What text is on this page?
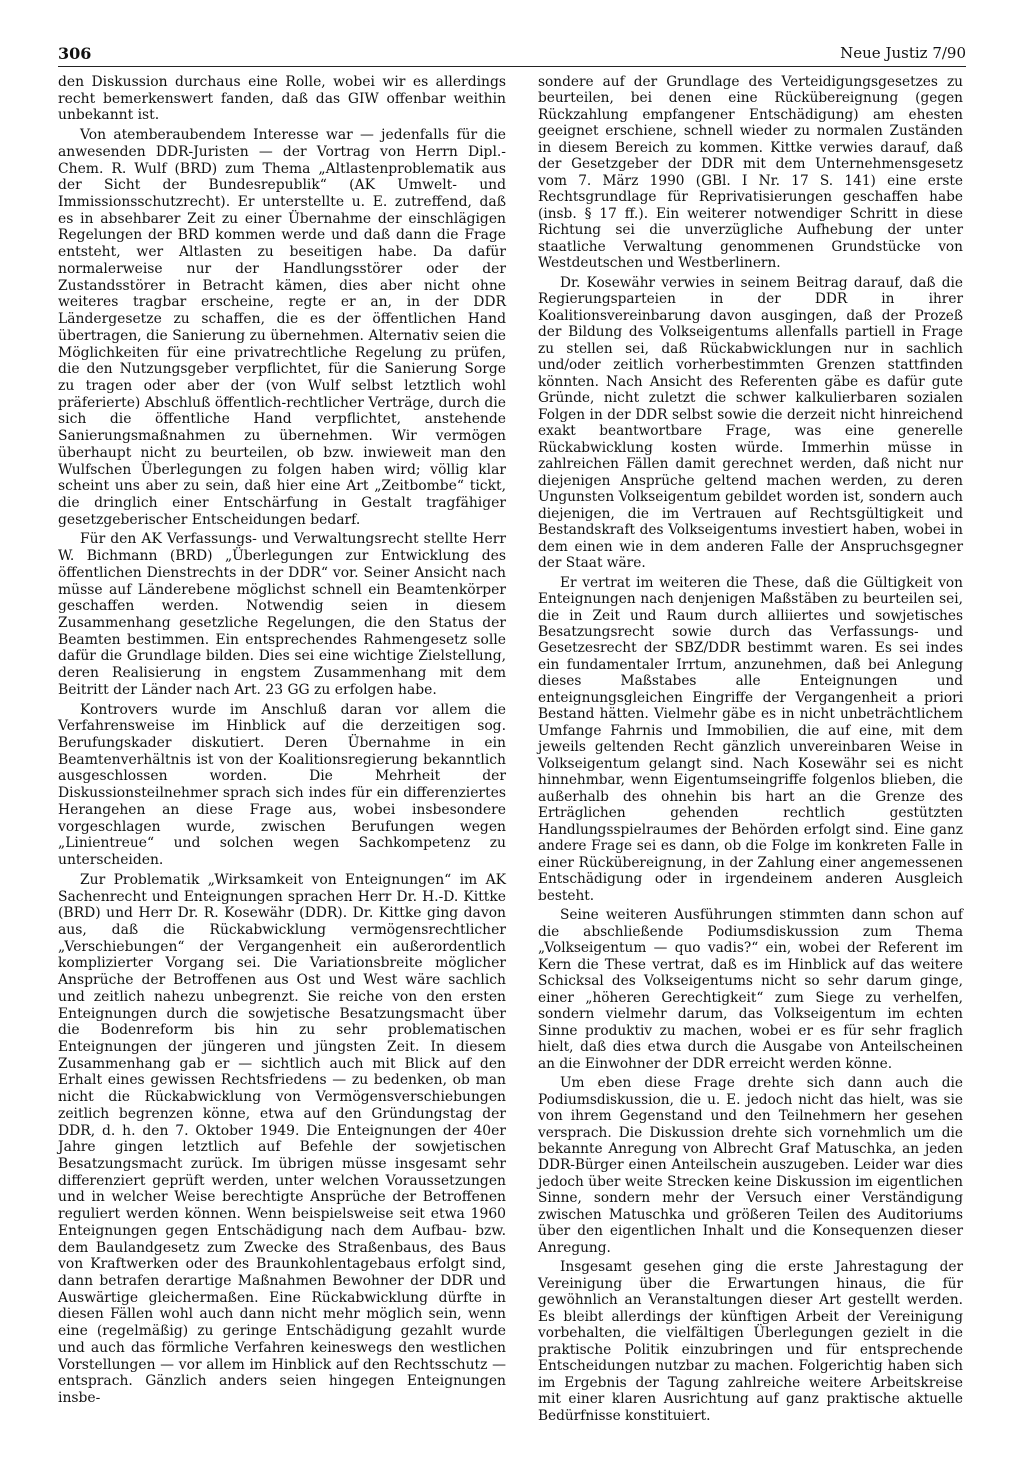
306	Neue Justiz 7/90

den Diskussion durchaus eine Rolle, wobei wir es allerdings recht bemerkenswert fanden, daß das GIW offenbar weithin unbekannt ist.

Von atemberaubendem Interesse war — jedenfalls für die anwesenden DDR-Juristen — der Vortrag von Herrn Dipl.-Chem. R. Wulf (BRD) zum Thema „Altlastenproblematik aus der Sicht der Bundesrepublik“ (AK Umwelt- und Immissionsschutzrecht). Er unterstellte u. E. zutreffend, daß es in absehbarer Zeit zu einer Übernahme der einschlägigen Regelungen der BRD kommen werde und daß dann die Frage entsteht, wer Altlasten zu beseitigen habe. Da dafür normalerweise nur der Handlungsstörer oder der Zustandsstörer in Betracht kämen, dies aber nicht ohne weiteres tragbar erscheine, regte er an, in der DDR Ländergesetze zu schaffen, die es der öffentlichen Hand übertragen, die Sanierung zu übernehmen. Alternativ seien die Möglichkeiten für eine privatrechtliche Regelung zu prüfen, die den Nutzungsgeber verpflichtet, für die Sanierung Sorge zu tragen oder aber der (von Wulf selbst letztlich wohl präferierte) Abschluß öffentlich-rechtlicher Verträge, durch die sich die öffentliche Hand verpflichtet, anstehende Sanierungsmaßnahmen zu übernehmen. Wir vermögen überhaupt nicht zu beurteilen, ob bzw. inwieweit man den Wulfschen Überlegungen zu folgen haben wird; völlig klar scheint uns aber zu sein, daß hier eine Art „Zeitbombe“ tickt, die dringlich einer Entschärfung in Gestalt tragfähiger gesetzgeberischer Entscheidungen bedarf.

Für den AK Verfassungs- und Verwaltungsrecht stellte Herr W. Bichmann (BRD) „Überlegungen zur Entwicklung des öffentlichen Dienstrechts in der DDR“ vor. Seiner Ansicht nach müsse auf Länderebene möglichst schnell ein Beamtenkörper geschaffen werden. Notwendig seien in diesem Zusammenhang gesetzliche Regelungen, die den Status der Beamten bestimmen. Ein entsprechendes Rahmengesetz solle dafür die Grundlage bilden. Dies sei eine wichtige Zielstellung, deren Realisierung in engstem Zusammenhang mit dem Beitritt der Länder nach Art. 23 GG zu erfolgen habe.

Kontrovers wurde im Anschluß daran vor allem die Verfahrensweise im Hinblick auf die derzeitigen sog. Berufungskader diskutiert. Deren Übernahme in ein Beamtenverhältnis ist von der Koalitionsregierung bekanntlich ausgeschlossen worden. Die Mehrheit der Diskussionsteilnehmer sprach sich indes für ein differenziertes Herangehen an diese Frage aus, wobei insbesondere vorgeschlagen wurde, zwischen Berufungen wegen „Linientreue“ und solchen wegen Sachkompetenz zu unterscheiden.

Zur Problematik „Wirksamkeit von Enteignungen“ im AK Sachenrecht und Enteignungen sprachen Herr Dr. H.-D. Kittke (BRD) und Herr Dr. R. Kosewähr (DDR). Dr. Kittke ging davon aus, daß die Rückabwicklung vermögensrechtlicher „Verschiebungen“ der Vergangenheit ein außerordentlich komplizierter Vorgang sei. Die Variationsbreite möglicher Ansprüche der Betroffenen aus Ost und West wäre sachlich und zeitlich nahezu unbegrenzt. Sie reiche von den ersten Enteignungen durch die sowjetische Besatzungsmacht über die Bodenreform bis hin zu sehr problematischen Enteignungen der jüngeren und jüngsten Zeit. In diesem Zusammenhang gab er — sichtlich auch mit Blick auf den Erhalt eines gewissen Rechtsfriedens — zu bedenken, ob man nicht die Rückabwicklung von Vermögensverschiebungen zeitlich begrenzen könne, etwa auf den Gründungstag der DDR, d. h. den 7. Oktober 1949. Die Enteignungen der 40er Jahre gingen letztlich auf Befehle der sowjetischen Besatzungsmacht zurück. Im übrigen müsse insgesamt sehr differenziert geprüft werden, unter welchen Voraussetzungen und in welcher Weise berechtigte Ansprüche der Betroffenen reguliert werden können. Wenn beispielsweise seit etwa 1960 Enteignungen gegen Entschädigung nach dem Aufbau- bzw. dem Baulandgesetz zum Zwecke des Straßenbaus, des Baus von Kraftwerken oder des Braunkohlentagebaus erfolgt sind, dann betrafen derartige Maßnahmen Bewohner der DDR und Auswärtige gleichermaßen. Eine Rückabwicklung dürfte in diesen Fällen wohl auch dann nicht mehr möglich sein, wenn eine (regelmäßig) zu geringe Entschädigung gezahlt wurde und auch das förmliche Verfahren keineswegs den westlichen Vorstellungen — vor allem im Hinblick auf den Rechtsschutz — entsprach. Gänzlich anders seien hingegen Enteignungen insbe-

sondere auf der Grundlage des Verteidigungsgesetzes zu beurteilen, bei denen eine Rückübereignung (gegen Rückzahlung empfangener Entschädigung) am ehesten geeignet erschiene, schnell wieder zu normalen Zuständen in diesem Bereich zu kommen. Kittke verwies darauf, daß der Gesetzgeber der DDR mit dem Unternehmensgesetz vom 7. März 1990 (GBl. I Nr. 17 S. 141) eine erste Rechtsgrundlage für Reprivatisierungen geschaffen habe (insb. § 17 ff.). Ein weiterer notwendiger Schritt in diese Richtung sei die unverzügliche Aufhebung der unter staatliche Verwaltung genommenen Grundstücke von Westdeutschen und Westberlinern.

Dr. Kosewähr verwies in seinem Beitrag darauf, daß die Regierungsparteien in der DDR in ihrer Koalitionsvereinbarung davon ausgingen, daß der Prozeß der Bildung des Volkseigentums allenfalls partiell in Frage zu stellen sei, daß Rückabwicklungen nur in sachlich und/oder zeitlich vorherbestimmten Grenzen stattfinden könnten. Nach Ansicht des Referenten gäbe es dafür gute Gründe, nicht zuletzt die schwer kalkulierbaren sozialen Folgen in der DDR selbst sowie die derzeit nicht hinreichend exakt beantwortbare Frage, was eine generelle Rückabwicklung kosten würde. Immerhin müsse in zahlreichen Fällen damit gerechnet werden, daß nicht nur diejenigen Ansprüche geltend machen werden, zu deren Ungunsten Volkseigentum gebildet worden ist, sondern auch diejenigen, die im Vertrauen auf Rechtsgültigkeit und Bestandskraft des Volkseigentums investiert haben, wobei in dem einen wie in dem anderen Falle der Anspruchsgegner der Staat wäre.

Er vertrat im weiteren die These, daß die Gültigkeit von Enteignungen nach denjenigen Maßstäben zu beurteilen sei, die in Zeit und Raum durch alliiertes und sowjetisches Besatzungsrecht sowie durch das Verfassungs- und Gesetzesrecht der SBZ/DDR bestimmt waren. Es sei indes ein fundamentaler Irrtum, anzunehmen, daß bei Anlegung dieses Maßstabes alle Enteignungen und enteignungsgleichen Eingriffe der Vergangenheit a priori Bestand hätten. Vielmehr gäbe es in nicht unbeträchtlichem Umfange Fahrnis und Immobilien, die auf eine, mit dem jeweils geltenden Recht gänzlich unvereinbaren Weise in Volkseigentum gelangt sind. Nach Kosewähr sei es nicht hinnehmbar, wenn Eigentumseingriffe folgenlos blieben, die außerhalb des ohnehin bis hart an die Grenze des Erträglichen gehenden rechtlich gestützten Handlungsspielraumes der Behörden erfolgt sind. Eine ganz andere Frage sei es dann, ob die Folge im konkreten Falle in einer Rückübereignung, in der Zahlung einer angemessenen Entschädigung oder in irgendeinem anderen Ausgleich besteht.

Seine weiteren Ausführungen stimmten dann schon auf die abschließende Podiumsdiskussion zum Thema „Volkseigentum — quo vadis?“ ein, wobei der Referent im Kern die These vertrat, daß es im Hinblick auf das weitere Schicksal des Volkseigentums nicht so sehr darum ginge, einer „höheren Gerechtigkeit“ zum Siege zu verhelfen, sondern vielmehr darum, das Volkseigentum im echten Sinne produktiv zu machen, wobei er es für sehr fraglich hielt, daß dies etwa durch die Ausgabe von Anteilscheinen an die Einwohner der DDR erreicht werden könne.

Um eben diese Frage drehte sich dann auch die Podiumsdiskussion, die u. E. jedoch nicht das hielt, was sie von ihrem Gegenstand und den Teilnehmern her gesehen versprach. Die Diskussion drehte sich vornehmlich um die bekannte Anregung von Albrecht Graf Matuschka, an jeden DDR-Bürger einen Anteilschein auszugeben. Leider war dies jedoch über weite Strecken keine Diskussion im eigentlichen Sinne, sondern mehr der Versuch einer Verständigung zwischen Matuschka und größeren Teilen des Auditoriums über den eigentlichen Inhalt und die Konsequenzen dieser Anregung.

Insgesamt gesehen ging die erste Jahrestagung der Vereinigung über die Erwartungen hinaus, die für gewöhnlich an Veranstaltungen dieser Art gestellt werden. Es bleibt allerdings der künftigen Arbeit der Vereinigung vorbehalten, die vielfältigen Überlegungen gezielt in die praktische Politik einzubringen und für entsprechende Entscheidungen nutzbar zu machen. Folgerichtig haben sich im Ergebnis der Tagung zahlreiche weitere Arbeitskreise mit einer klaren Ausrichtung auf ganz praktische aktuelle Bedürfnisse konstituiert.
